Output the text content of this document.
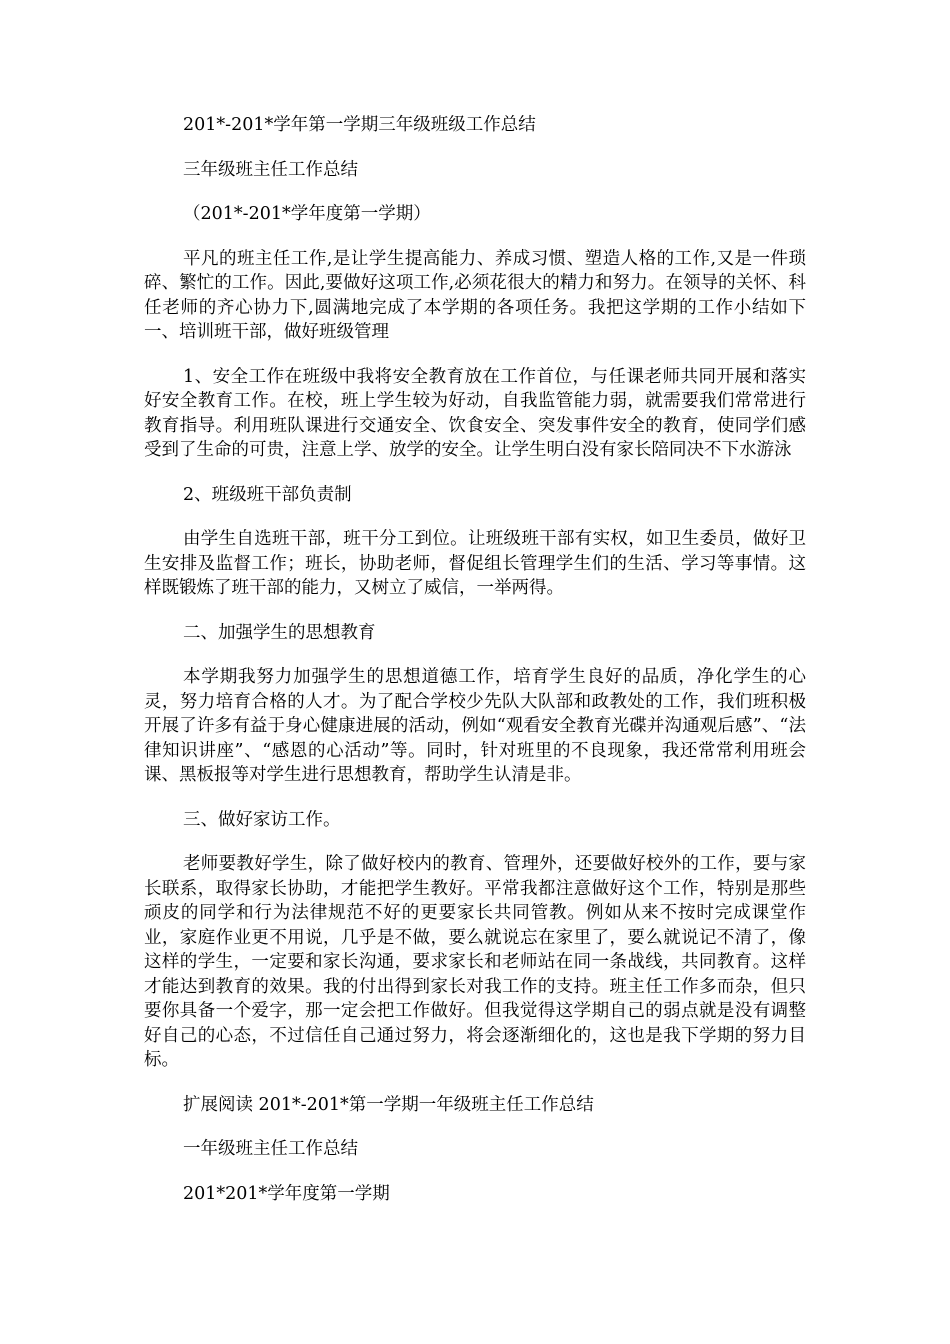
201*-201*学年第一学期三年级班级工作总结

三年级班主任工作总结

（201*-201*学年度第一学期）

平凡的班主任工作,是让学生提高能力、养成习惯、塑造人格的工作,又是一件琐碎、繁忙的工作。因此,要做好这项工作,必须花很大的精力和努力。在领导的关怀、科任老师的齐心协力下,圆满地完成了本学期的各项任务。我把这学期的工作小结如下一、培训班干部，做好班级管理

1、安全工作在班级中我将安全教育放在工作首位，与任课老师共同开展和落实好安全教育工作。在校，班上学生较为好动，自我监管能力弱，就需要我们常常进行教育指导。利用班队课进行交通安全、饮食安全、突发事件安全的教育，使同学们感受到了生命的可贵，注意上学、放学的安全。让学生明白没有家长陪同决不下水游泳

2、班级班干部负责制

由学生自选班干部，班干分工到位。让班级班干部有实权，如卫生委员，做好卫生安排及监督工作；班长，协助老师，督促组长管理学生们的生活、学习等事情。这样既锻炼了班干部的能力，又树立了威信，一举两得。

二、加强学生的思想教育

本学期我努力加强学生的思想道德工作，培育学生良好的品质，净化学生的心灵，努力培育合格的人才。为了配合学校少先队大队部和政教处的工作，我们班积极开展了许多有益于身心健康进展的活动，例如“观看安全教育光碟并沟通观后感”、“法律知识讲座”、“感恩的心活动”等。同时，针对班里的不良现象，我还常常利用班会课、黑板报等对学生进行思想教育，帮助学生认清是非。

三、做好家访工作。

老师要教好学生，除了做好校内的教育、管理外，还要做好校外的工作，要与家长联系，取得家长协助，才能把学生教好。平常我都注意做好这个工作，特别是那些顽皮的同学和行为法律规范不好的更要家长共同管教。例如从来不按时完成课堂作业，家庭作业更不用说，几乎是不做，要么就说忘在家里了，要么就说记不清了，像这样的学生，一定要和家长沟通，要求家长和老师站在同一条战线，共同教育。这样才能达到教育的效果。我的付出得到家长对我工作的支持。班主任工作多而杂，但只要你具备一个爱字，那一定会把工作做好。但我觉得这学期自己的弱点就是没有调整好自己的心态，不过信任自己通过努力，将会逐渐细化的，这也是我下学期的努力目标。

扩展阅读 201*-201*第一学期一年级班主任工作总结

一年级班主任工作总结

201*201*学年度第一学期
